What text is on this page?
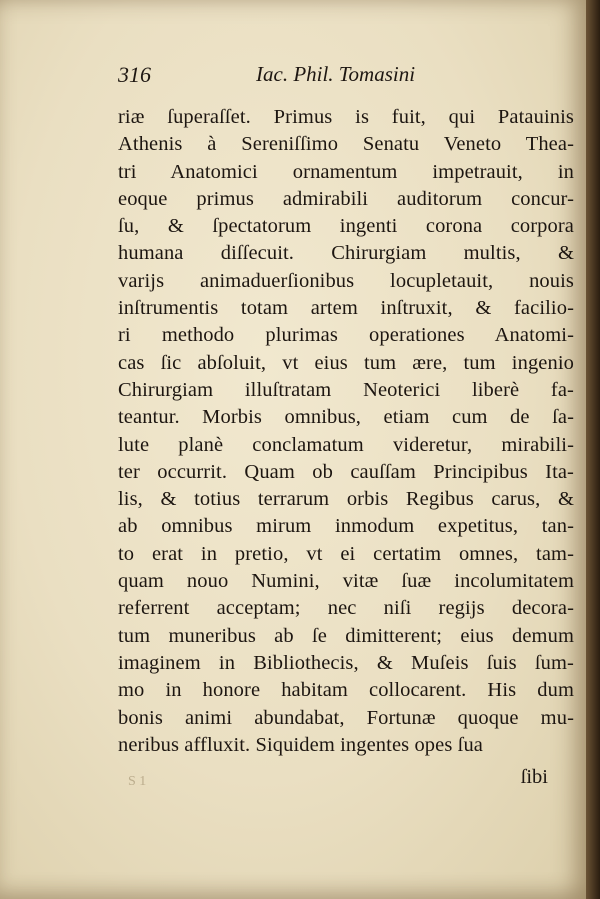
316	Iac. Phil. Tomasini
riæ ſuperaſſet. Primus is fuit, qui Patauinis
Athenis à Sereniſſimo Senatu Veneto Thea-
tri Anatomici ornamentum impetrauit, in
eoque primus admirabili auditorum concur-
ſu, & ſpectatorum ingenti corona corpora
humana diſſecuit. Chirurgiam multis, &
varijs animaduerſionibus locupletauit, nouis
inſtrumentis totam artem inſtruxit, & facilio-
ri methodo plurimas operationes Anatomi-
cas ſic abſoluit, vt eius tum ære, tum ingenio
Chirurgiam illuſtratam Neoterici liberè fa-
teantur. Morbis omnibus, etiam cum de ſa-
lute planè conclamatum videretur, mirabili-
ter occurrit. Quam ob cauſſam Principibus Ita-
lis, & totius terrarum orbis Regibus carus, &
ab omnibus mirum inmodum expetitus, tan-
to erat in pretio, vt ei certatim omnes, tam-
quam nouo Numini, vitæ ſuæ incolumitatem
referrent acceptam; nec niſi regijs decora-
tum muneribus ab ſe dimitterent; eius demum
imaginem in Bibliothecis, & Muſeis ſuis ſum-
mo in honore habitam collocarent. His dum
bonis animi abundabat, Fortunæ quoque mu-
neribus affluxit. Siquidem ingentes opes ſua
S 1	ſibi
